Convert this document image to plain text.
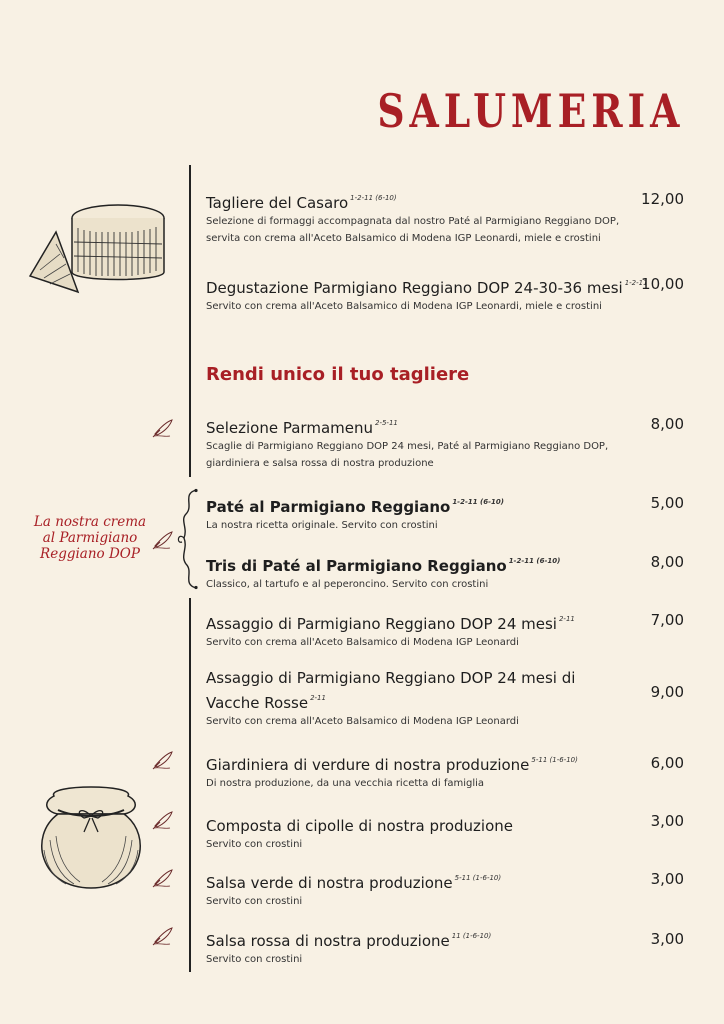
SALUMERIA
La nostra crema al Parmigiano Reggiano DOP
Rendi unico il tuo tagliere
Tagliere del Casaro $^{1-2-11 (6-10)}$
Selezione di formaggi accompagnata dal nostro Paté al Parmigiano Reggiano DOP, servita con crema all'Aceto Balsamico di Modena IGP Leonardi, miele e crostini
12,00
Degustazione Parmigiano Reggiano DOP 24-30-36 mesi $^{1-2-11}$
Servito con crema all'Aceto Balsamico di Modena IGP Leonardi, miele e crostini
10,00
Selezione Parmamenu $^{2-5-11}$
Scaglie di Parmigiano Reggiano DOP 24 mesi, Paté al Parmigiano Reggiano DOP, giardiniera e salsa rossa di nostra produzione
8,00
Paté al Parmigiano Reggiano $^{1-2-11 (6-10)}$
La nostra ricetta originale. Servito con crostini
5,00
Tris di Paté al Parmigiano Reggiano $^{1-2-11 (6-10)}$
Classico, al tartufo e al peperoncino. Servito con crostini
8,00
Assaggio di Parmigiano Reggiano DOP 24 mesi $^{2-11}$
Servito con crema all'Aceto Balsamico di Modena IGP Leonardi
7,00
Assaggio di Parmigiano Reggiano DOP 24 mesi di Vacche Rosse $^{2-11}$
Servito con crema all'Aceto Balsamico di Modena IGP Leonardi
9,00
Giardiniera di verdure di nostra produzione $^{5-11 (1-6-10)}$
Di nostra produzione, da una vecchia ricetta di famiglia
6,00
Composta di cipolle di nostra produzione
Servito con crostini
3,00
Salsa verde di nostra produzione $^{5-11 (1-6-10)}$
Servito con crostini
3,00
Salsa rossa di nostra produzione $^{11 (1-6-10)}$
Servito con crostini
3,00
